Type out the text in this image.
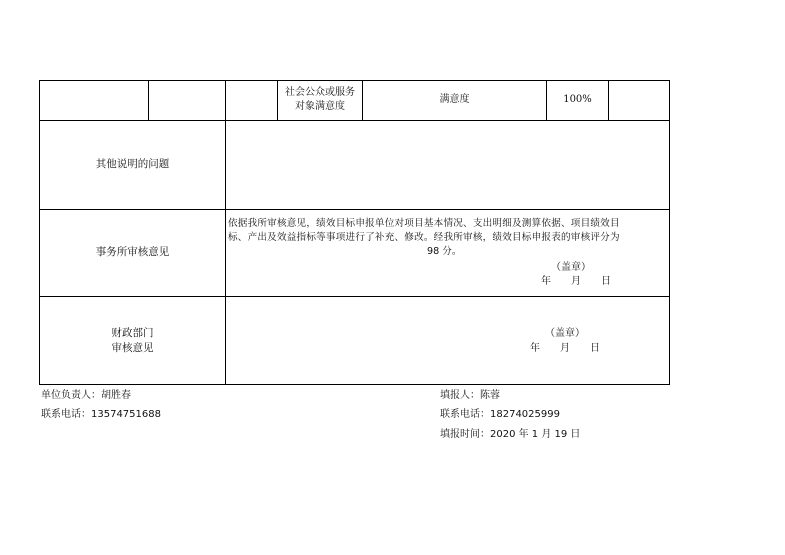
社会公众或服务
对象满意度
满意度	100%
其他说明的问题
事务所审核意见
依据我所审核意见，绩效目标申报单位对项目基本情况、支出明细及测算依据、项目绩效目
标、产出及效益指标等事项进行了补充、修改。经我所审核，绩效目标申报表的审核评分为
98 分。
（盖章）
年　　月　　日
财政部门
审核意见
（盖章）
年　　月　　日
单位负责人：胡胜春
联系电话：13574751688
填报人：陈蓉
联系电话：18274025999
填报时间：2020 年 1 月 19 日
